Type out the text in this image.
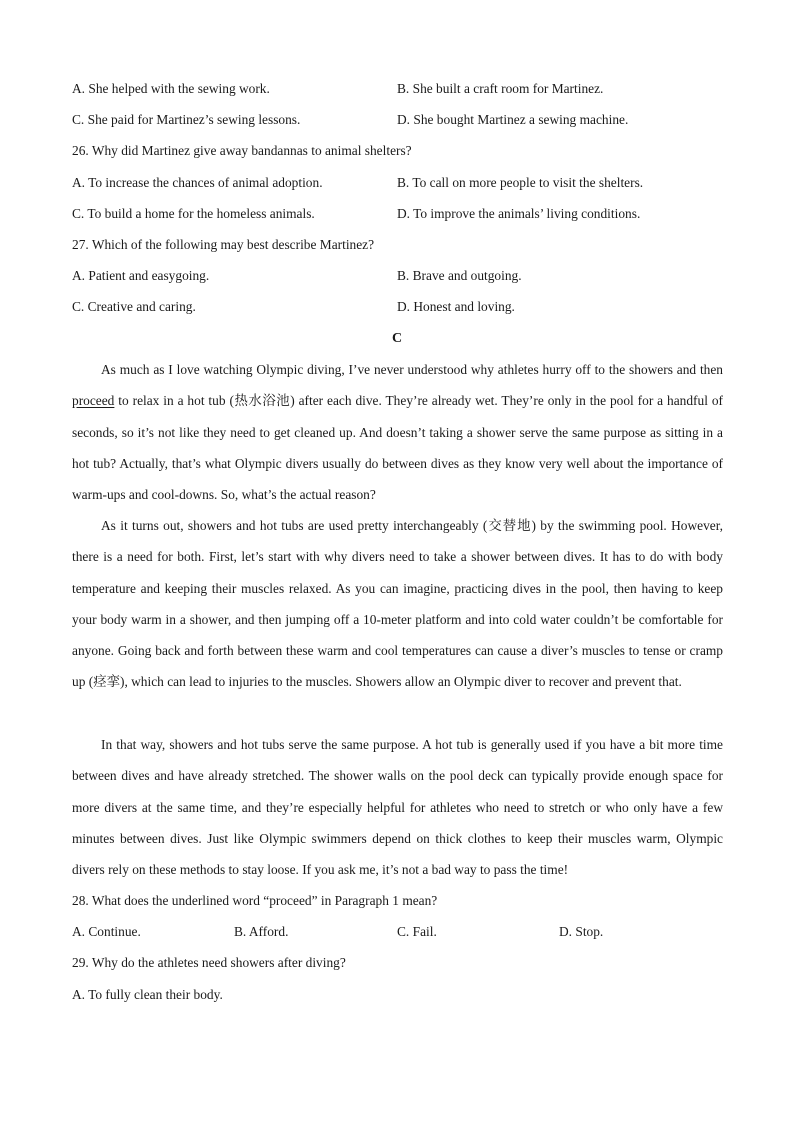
A. She helped with the sewing work.	B. She built a craft room for Martinez.
C. She paid for Martinez’s sewing lessons.	D. She bought Martinez a sewing machine.
26. Why did Martinez give away bandannas to animal shelters?
A. To increase the chances of animal adoption.	B. To call on more people to visit the shelters.
C. To build a home for the homeless animals.	D. To improve the animals’ living conditions.
27. Which of the following may best describe Martinez?
A. Patient and easygoing.	B. Brave and outgoing.
C. Creative and caring.	D. Honest and loving.
C

As much as I love watching Olympic diving, I’ve never understood why athletes hurry off to the showers and then proceed to relax in a hot tub (热水浴池) after each dive. They’re already wet. They’re only in the pool for a handful of seconds, so it’s not like they need to get cleaned up. And doesn’t taking a shower serve the same purpose as sitting in a hot tub? Actually, that’s what Olympic divers usually do between dives as they know very well about the importance of warm-ups and cool-downs. So, what’s the actual reason?

As it turns out, showers and hot tubs are used pretty interchangeably (交替地) by the swimming pool. However, there is a need for both. First, let’s start with why divers need to take a shower between dives. It has to do with body temperature and keeping their muscles relaxed. As you can imagine, practicing dives in the pool, then having to keep your body warm in a shower, and then jumping off a 10-meter platform and into cold water couldn’t be comfortable for anyone. Going back and forth between these warm and cool temperatures can cause a diver’s muscles to tense or cramp up (痉挛), which can lead to injuries to the muscles. Showers allow an Olympic diver to recover and prevent that.

In that way, showers and hot tubs serve the same purpose. A hot tub is generally used if you have a bit more time between dives and have already stretched. The shower walls on the pool deck can typically provide enough space for more divers at the same time, and they’re especially helpful for athletes who need to stretch or who only have a few minutes between dives. Just like Olympic swimmers depend on thick clothes to keep their muscles warm, Olympic divers rely on these methods to stay loose. If you ask me, it’s not a bad way to pass the time!

28. What does the underlined word “proceed” in Paragraph 1 mean?
A. Continue.	B. Afford.	C. Fail.	D. Stop.
29. Why do the athletes need showers after diving?
A. To fully clean their body.
